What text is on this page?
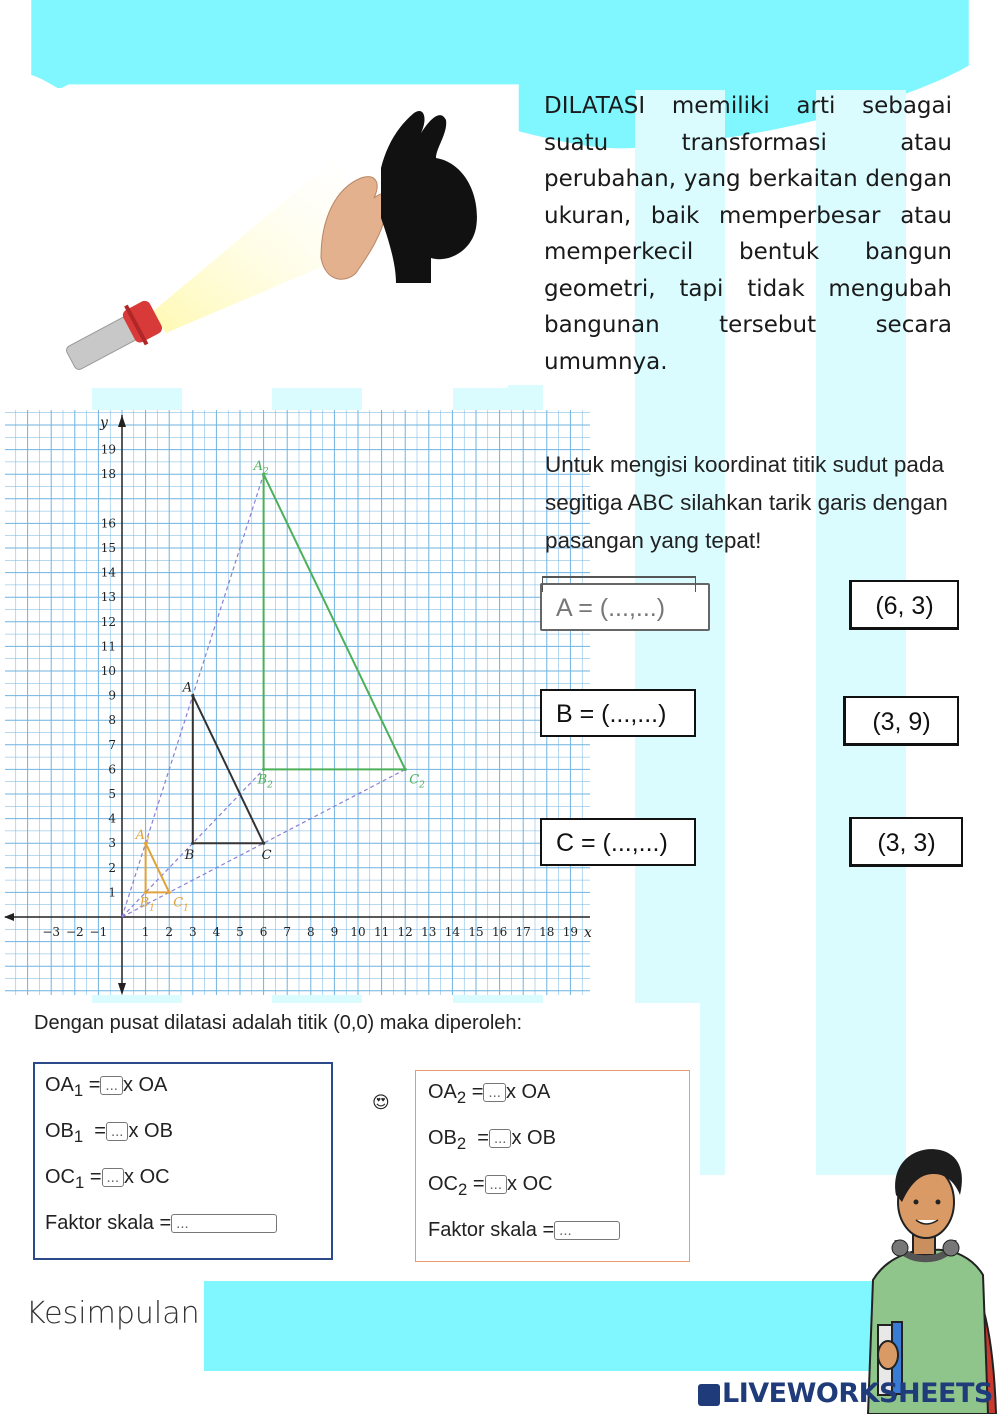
DILATASI memiliki arti sebagai suatu transformasi atau perubahan, yang berkaitan dengan ukuran, baik memperbesar atau memperkecil bentuk bangun geometri, tapi tidak mengubah bangunan tersebut secara umumnya.
y
x
−3 −2 −1	1 2 3 4 5 6 7 8 9 10 11 12 13 14 15 16 17 18 19
1
2
3
4
5
6
7
8
9
10
11
12
13
14
15
16
18
19
A
B	C
$A_1$
$B_1$ $C_1$
$A_2$
$B_2$	$C_2$
Untuk mengisi koordinat titik sudut pada segitiga ABC silahkan tarik garis dengan pasangan yang tepat!
A = (...,...)
B = (...,...)
C = (...,...)
(6, 3)
(3, 9)
(3, 3)
Dengan pusat dilatasi adalah titik (0,0) maka diperoleh:
$OA_1$ = ... x OA
$OB_1$  = ... x OB
$OC_1$ = ... x OC
Faktor skala = ...
😍 $OA_2$ = ... x OA
$OB_2$  = ... x OB
$OC_2$ = ... x OC
Faktor skala = ...
Kesimpulan
LIVEWORKSHEETS
